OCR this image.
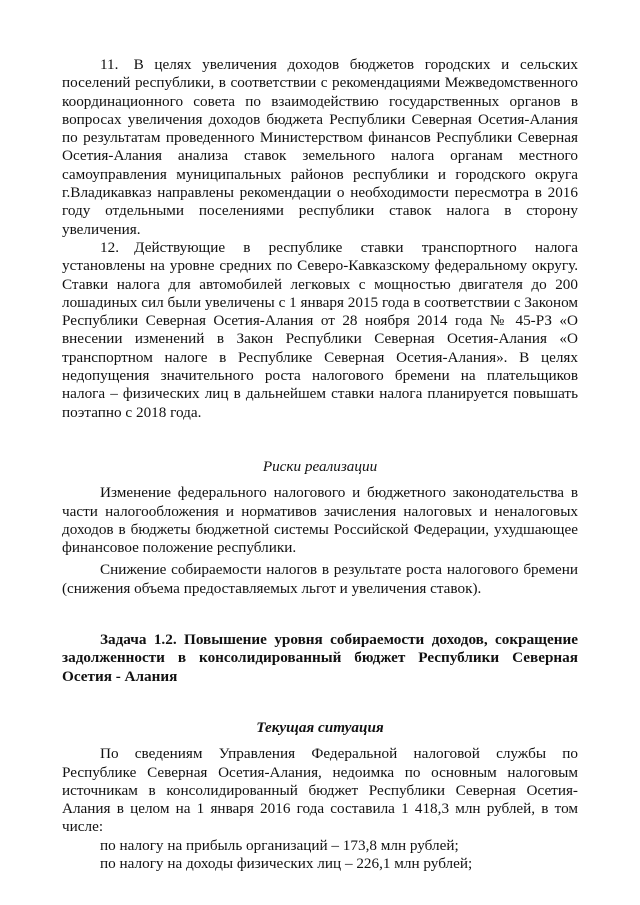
11. В целях увеличения доходов бюджетов городских и сельских поселений республики, в соответствии с рекомендациями Межведомственного координационного совета по взаимодействию государственных органов в вопросах увеличения доходов бюджета Республики Северная Осетия-Алания по результатам проведенного Министерством финансов Республики Северная Осетия-Алания анализа ставок земельного налога органам местного самоуправления муниципальных районов республики и городского округа г.Владикавказ направлены рекомендации о необходимости пересмотра в 2016 году отдельными поселениями республики ставок налога в сторону увеличения.

12. Действующие в республике ставки транспортного налога установлены на уровне средних по Северо-Кавказскому федеральному округу. Ставки налога для автомобилей легковых с мощностью двигателя до 200 лошадиных сил были увеличены с 1 января 2015 года в соответствии с Законом Республики Северная Осетия-Алания от 28 ноября 2014 года № 45-РЗ «О внесении изменений в Закон Республики Северная Осетия-Алания «О транспортном налоге в Республике Северная Осетия-Алания». В целях недопущения значительного роста налогового бремени на плательщиков налога – физических лиц в дальнейшем ставки налога планируется повышать поэтапно с 2018 года.

Риски реализации

Изменение федерального налогового и бюджетного законодательства в части налогообложения и нормативов зачисления налоговых и неналоговых доходов в бюджеты бюджетной системы Российской Федерации, ухудшающее финансовое положение республики.

Снижение собираемости налогов в результате роста налогового бремени (снижения объема предоставляемых льгот и увеличения ставок).

Задача 1.2. Повышение уровня собираемости доходов, сокращение задолженности в консолидированный бюджет Республики Северная Осетия - Алания

Текущая ситуация

По сведениям Управления Федеральной налоговой службы по Республике Северная Осетия-Алания, недоимка по основным налоговым источникам в консолидированный бюджет Республики Северная Осетия-Алания в целом на 1 января 2016 года составила 1 418,3 млн рублей, в том числе:

по налогу на прибыль организаций – 173,8 млн рублей;

по налогу на доходы физических лиц – 226,1 млн рублей;
